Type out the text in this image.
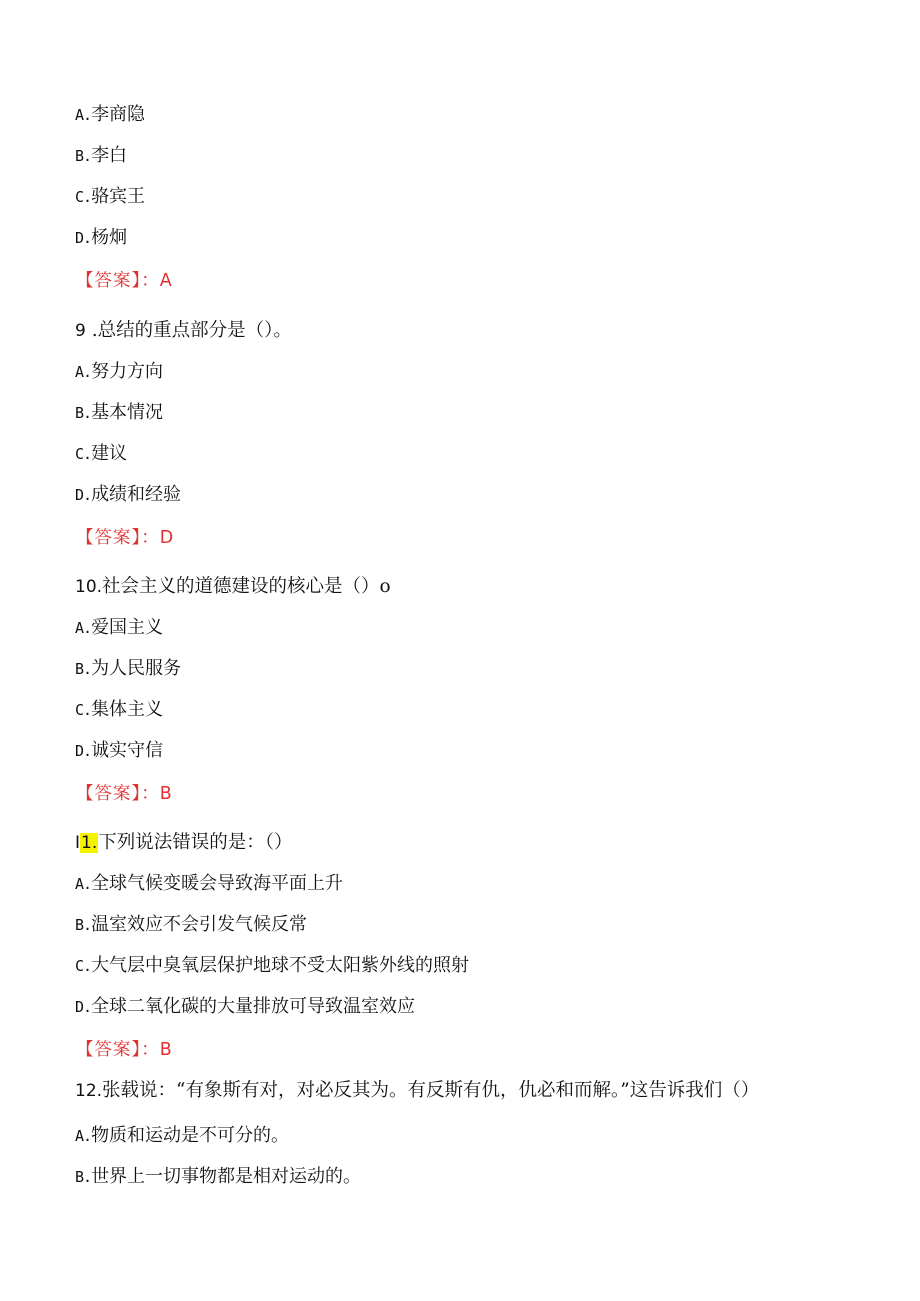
A.李商隐
B.李白
C.骆宾王
D.杨炯
【答案】：A
9 .总结的重点部分是（）。
A.努力方向
B.基本情况
C.建议
D.成绩和经验
【答案】：D
10.社会主义的道德建设的核心是（）o
A.爱国主义
B.为人民服务
C.集体主义
D.诚实守信
【答案】：B
I1.下列说法错误的是：（）
A.全球气候变暖会导致海平面上升
B.温室效应不会引发气候反常
C.大气层中臭氧层保护地球不受太阳紫外线的照射
D.全球二氧化碳的大量排放可导致温室效应
【答案】：B
12.张载说：“有象斯有对，对必反其为。有反斯有仇，仇必和而解。”这告诉我们（）
A.物质和运动是不可分的。
B.世界上一切事物都是相对运动的。
